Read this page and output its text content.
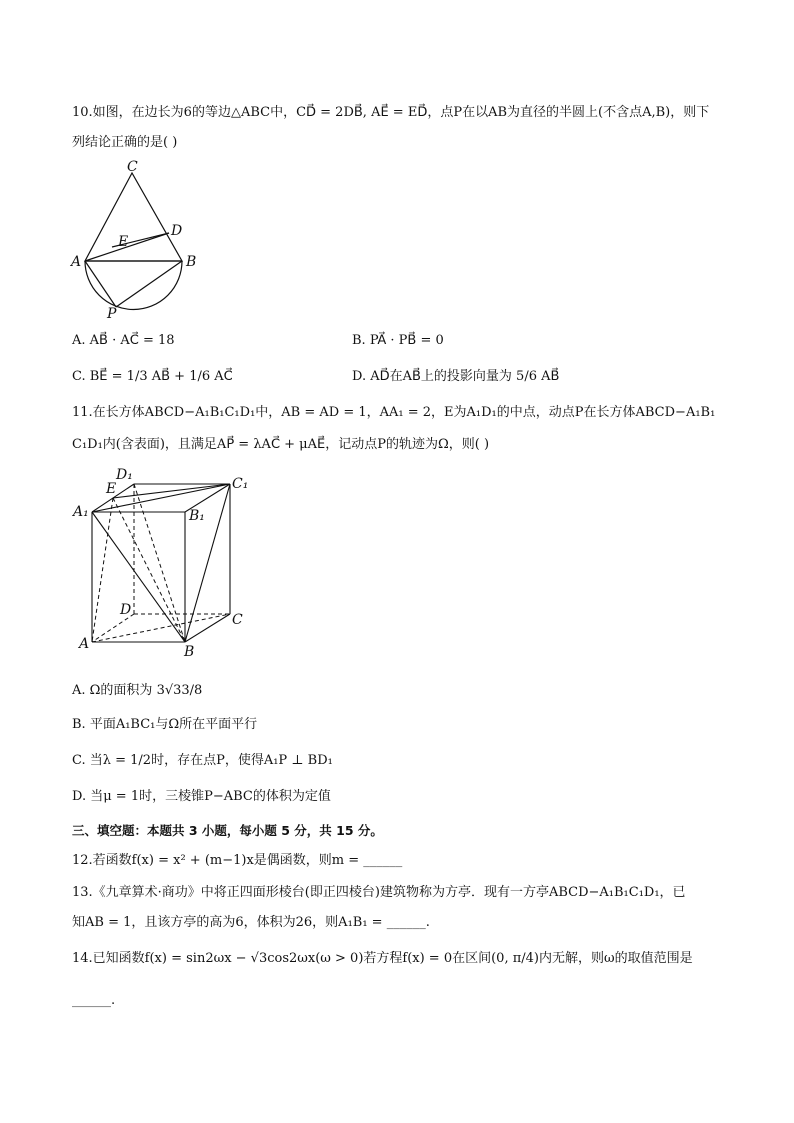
10.如图，在边长为6的等边△ABC中，CD⃗ = 2DB⃗, AE⃗ = ED⃗，点P在以AB为直径的半圆上(不含点A,B)，则下
列结论正确的是( )
C
D
E
A	B
P
A. AB⃗ · AC⃗ = 18	B. PA⃗ · PB⃗ = 0
C. BE⃗ = 1/3 AB⃗ + 1/6 AC⃗	D. AD⃗在AB⃗上的投影向量为 5/6 AB⃗
11.在长方体ABCD−A₁B₁C₁D₁中，AB = AD = 1，AA₁ = 2，E为A₁D₁的中点，动点P在长方体ABCD−A₁B₁
C₁D₁内(含表面)，且满足AP⃗ = λAC⃗ + μAE⃗，记动点P的轨迹为Ω，则( )
D₁
E	C₁
A₁	B₁
D
C
A	B
A. Ω的面积为 3√33/8
B. 平面A₁BC₁与Ω所在平面平行
C. 当λ = 1/2时，存在点P，使得A₁P ⊥ BD₁
D. 当μ = 1时，三棱锥P−ABC的体积为定值
三、填空题：本题共 3 小题，每小题 5 分，共 15 分。
12.若函数f(x) = x² + (m−1)x是偶函数，则m = ______
13.《九章算术·商功》中将正四面形棱台(即正四棱台)建筑物称为方亭．现有一方亭ABCD−A₁B₁C₁D₁，已
知AB = 1，且该方亭的高为6，体积为26，则A₁B₁ = ______.
14.已知函数f(x) = sin2ωx − √3cos2ωx(ω > 0)若方程f(x) = 0在区间(0, π/4)内无解，则ω的取值范围是
______.
